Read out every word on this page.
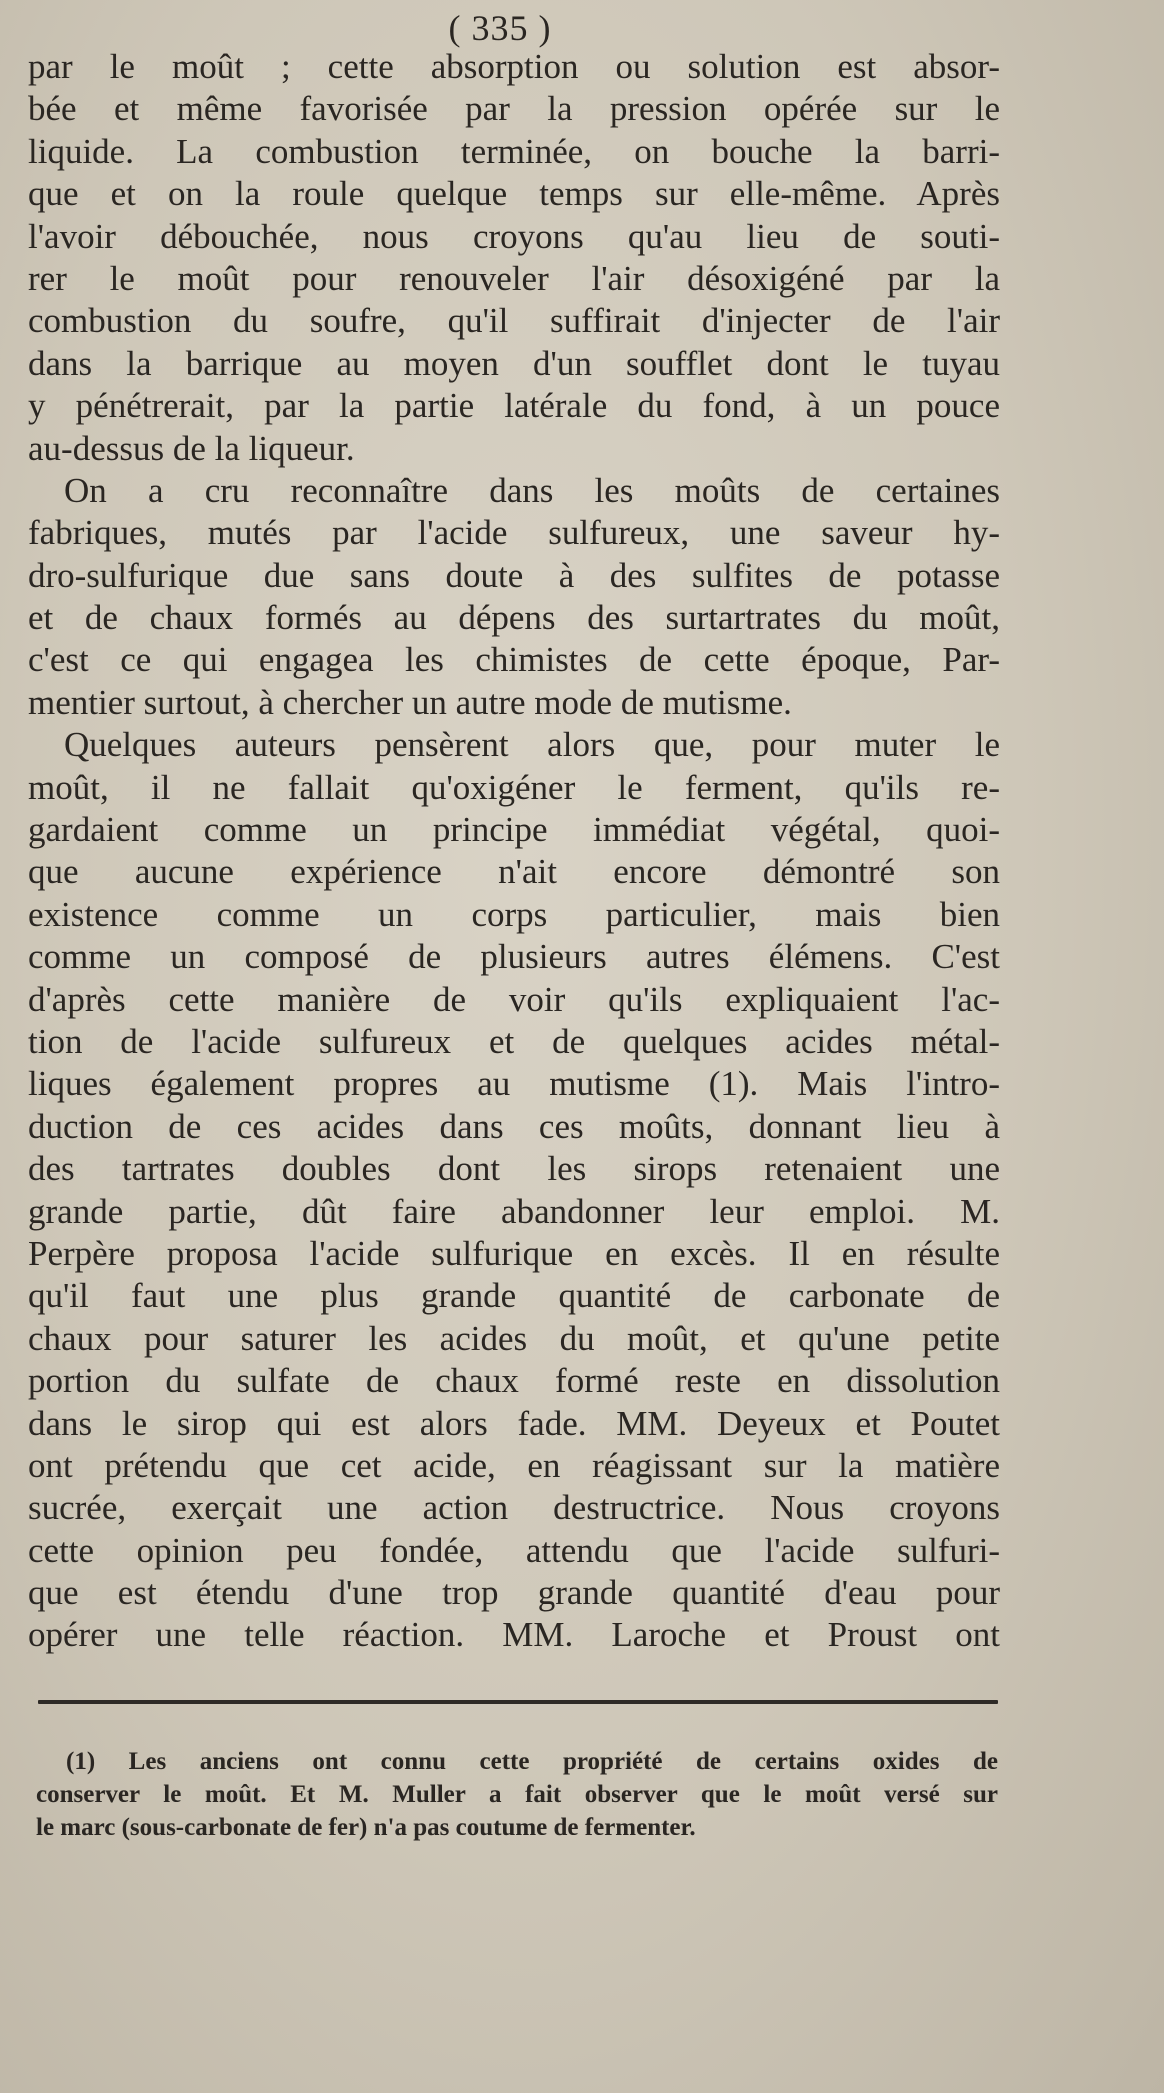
( 335 )
par le moût ; cette absorption ou solution est absor-
bée et même favorisée par la pression opérée sur le
liquide. La combustion terminée, on bouche la barri-
que et on la roule quelque temps sur elle-même. Après
l'avoir débouchée, nous croyons qu'au lieu de souti-
rer le moût pour renouveler l'air désoxigéné par la
combustion du soufre, qu'il suffirait d'injecter de l'air
dans la barrique au moyen d'un soufflet dont le tuyau
y pénétrerait, par la partie latérale du fond, à un pouce
au-dessus de la liqueur.
On a cru reconnaître dans les moûts de certaines
fabriques, mutés par l'acide sulfureux, une saveur hy-
dro-sulfurique due sans doute à des sulfites de potasse
et de chaux formés au dépens des surtartrates du moût,
c'est ce qui engagea les chimistes de cette époque, Par-
mentier surtout, à chercher un autre mode de mutisme.
Quelques auteurs pensèrent alors que, pour muter le
moût, il ne fallait qu'oxigéner le ferment, qu'ils re-
gardaient comme un principe immédiat végétal, quoi-
que aucune expérience n'ait encore démontré son
existence comme un corps particulier, mais bien
comme un composé de plusieurs autres élémens. C'est
d'après cette manière de voir qu'ils expliquaient l'ac-
tion de l'acide sulfureux et de quelques acides métal-
liques également propres au mutisme (1). Mais l'intro-
duction de ces acides dans ces moûts, donnant lieu à
des tartrates doubles dont les sirops retenaient une
grande partie, dût faire abandonner leur emploi. M.
Perpère proposa l'acide sulfurique en excès. Il en résulte
qu'il faut une plus grande quantité de carbonate de
chaux pour saturer les acides du moût, et qu'une petite
portion du sulfate de chaux formé reste en dissolution
dans le sirop qui est alors fade. MM. Deyeux et Poutet
ont prétendu que cet acide, en réagissant sur la matière
sucrée, exerçait une action destructrice. Nous croyons
cette opinion peu fondée, attendu que l'acide sulfuri-
que est étendu d'une trop grande quantité d'eau pour
opérer une telle réaction. MM. Laroche et Proust ont
(1) Les anciens ont connu cette propriété de certains oxides de
conserver le moût. Et M. Muller a fait observer que le moût versé sur
le marc (sous-carbonate de fer) n'a pas coutume de fermenter.
